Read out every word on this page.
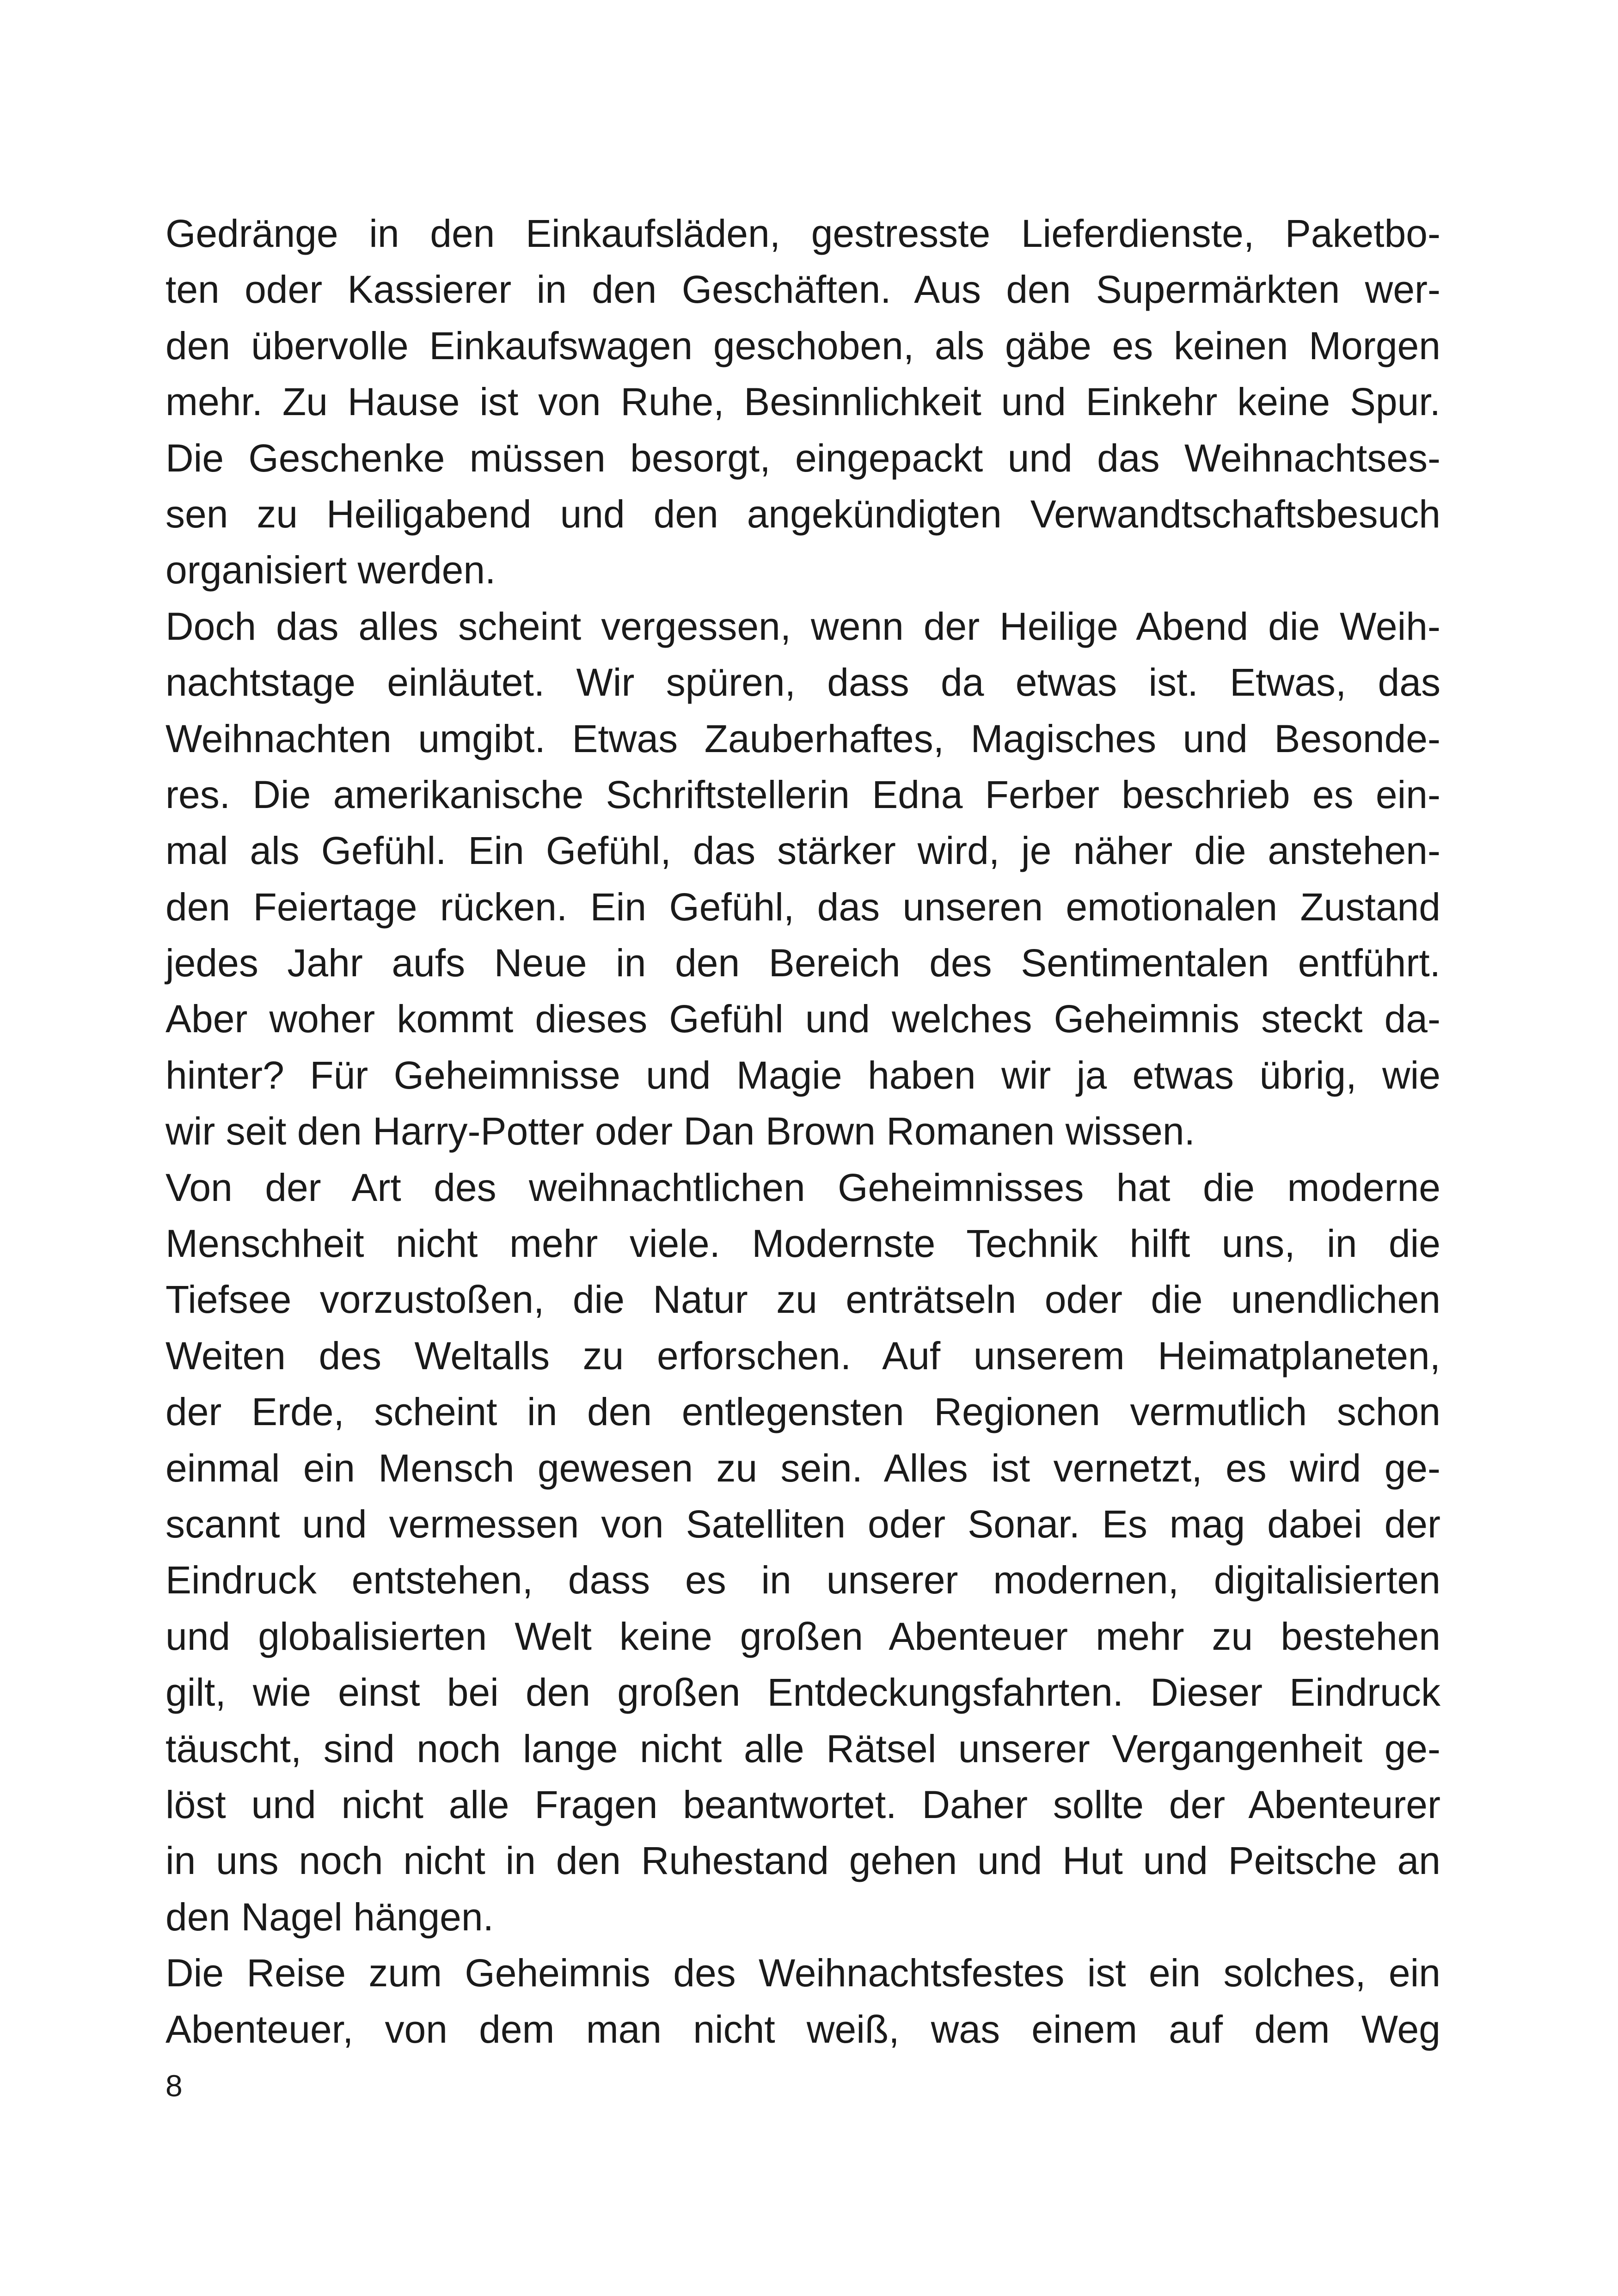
Gedränge in den Einkaufsläden, gestresste Lieferdienste, Paketbo-
ten oder Kassierer in den Geschäften. Aus den Supermärkten wer-
den übervolle Einkaufswagen geschoben, als gäbe es keinen Morgen
mehr. Zu Hause ist von Ruhe, Besinnlichkeit und Einkehr keine Spur.
Die Geschenke müssen besorgt, eingepackt und das Weihnachtses-
sen zu Heiligabend und den angekündigten Verwandtschaftsbesuch
organisiert werden.
Doch das alles scheint vergessen, wenn der Heilige Abend die Weih-
nachtstage einläutet. Wir spüren, dass da etwas ist. Etwas, das
Weihnachten umgibt. Etwas Zauberhaftes, Magisches und Besonde-
res. Die amerikanische Schriftstellerin Edna Ferber beschrieb es ein-
mal als Gefühl. Ein Gefühl, das stärker wird, je näher die anstehen-
den Feiertage rücken. Ein Gefühl, das unseren emotionalen Zustand
jedes Jahr aufs Neue in den Bereich des Sentimentalen entführt.
Aber woher kommt dieses Gefühl und welches Geheimnis steckt da-
hinter? Für Geheimnisse und Magie haben wir ja etwas übrig, wie
wir seit den Harry-Potter oder Dan Brown Romanen wissen.
Von der Art des weihnachtlichen Geheimnisses hat die moderne
Menschheit nicht mehr viele. Modernste Technik hilft uns, in die
Tiefsee vorzustoßen, die Natur zu enträtseln oder die unendlichen
Weiten des Weltalls zu erforschen. Auf unserem Heimatplaneten,
der Erde, scheint in den entlegensten Regionen vermutlich schon
einmal ein Mensch gewesen zu sein. Alles ist vernetzt, es wird ge-
scannt und vermessen von Satelliten oder Sonar. Es mag dabei der
Eindruck entstehen, dass es in unserer modernen, digitalisierten
und globalisierten Welt keine großen Abenteuer mehr zu bestehen
gilt, wie einst bei den großen Entdeckungsfahrten. Dieser Eindruck
täuscht, sind noch lange nicht alle Rätsel unserer Vergangenheit ge-
löst und nicht alle Fragen beantwortet. Daher sollte der Abenteurer
in uns noch nicht in den Ruhestand gehen und Hut und Peitsche an
den Nagel hängen.
Die Reise zum Geheimnis des Weihnachtsfestes ist ein solches, ein
Abenteuer, von dem man nicht weiß, was einem auf dem Weg
8
